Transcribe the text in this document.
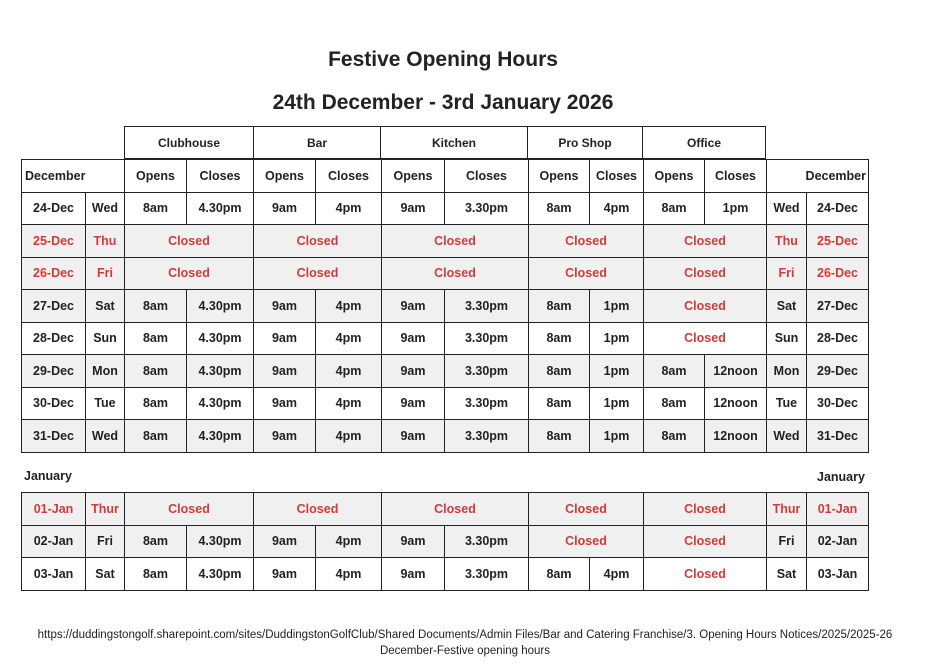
Festive Opening Hours
24th December - 3rd January 2026
Clubhouse	Bar	Kitchen	Pro Shop	Office
December		Opens	Closes	Opens	Closes	Opens	Closes	Opens	Closes	Opens	Closes	December	
24-Dec	Wed	8am	4.30pm	9am	4pm	9am	3.30pm	8am	4pm	8am	1pm	Wed	24-Dec
25-Dec	Thu	Closed		Closed		Closed		Closed		Closed		Thu	25-Dec
26-Dec	Fri	Closed		Closed		Closed		Closed		Closed		Fri	26-Dec
27-Dec	Sat	8am	4.30pm	9am	4pm	9am	3.30pm	8am	1pm	Closed		Sat	27-Dec
28-Dec	Sun	8am	4.30pm	9am	4pm	9am	3.30pm	8am	1pm	Closed		Sun	28-Dec
29-Dec	Mon	8am	4.30pm	9am	4pm	9am	3.30pm	8am	1pm	8am	12noon	Mon	29-Dec
30-Dec	Tue	8am	4.30pm	9am	4pm	9am	3.30pm	8am	1pm	8am	12noon	Tue	30-Dec
31-Dec	Wed	8am	4.30pm	9am	4pm	9am	3.30pm	8am	1pm	8am	12noon	Wed	31-Dec
January	January
01-Jan	Thur	Closed		Closed		Closed		Closed		Closed	Thur	01-Jan
02-Jan	Fri	8am	4.30pm	9am	4pm	9am	3.30pm	Closed		Closed	Fri	02-Jan
03-Jan	Sat	8am	4.30pm	9am	4pm	9am	3.30pm	8am	4pm	Closed	Sat	03-Jan
https://duddingstongolf.sharepoint.com/sites/DuddingstonGolfClub/Shared Documents/Admin Files/Bar and Catering Franchise/3. Opening Hours Notices/2025/2025-26
December-Festive opening hours
